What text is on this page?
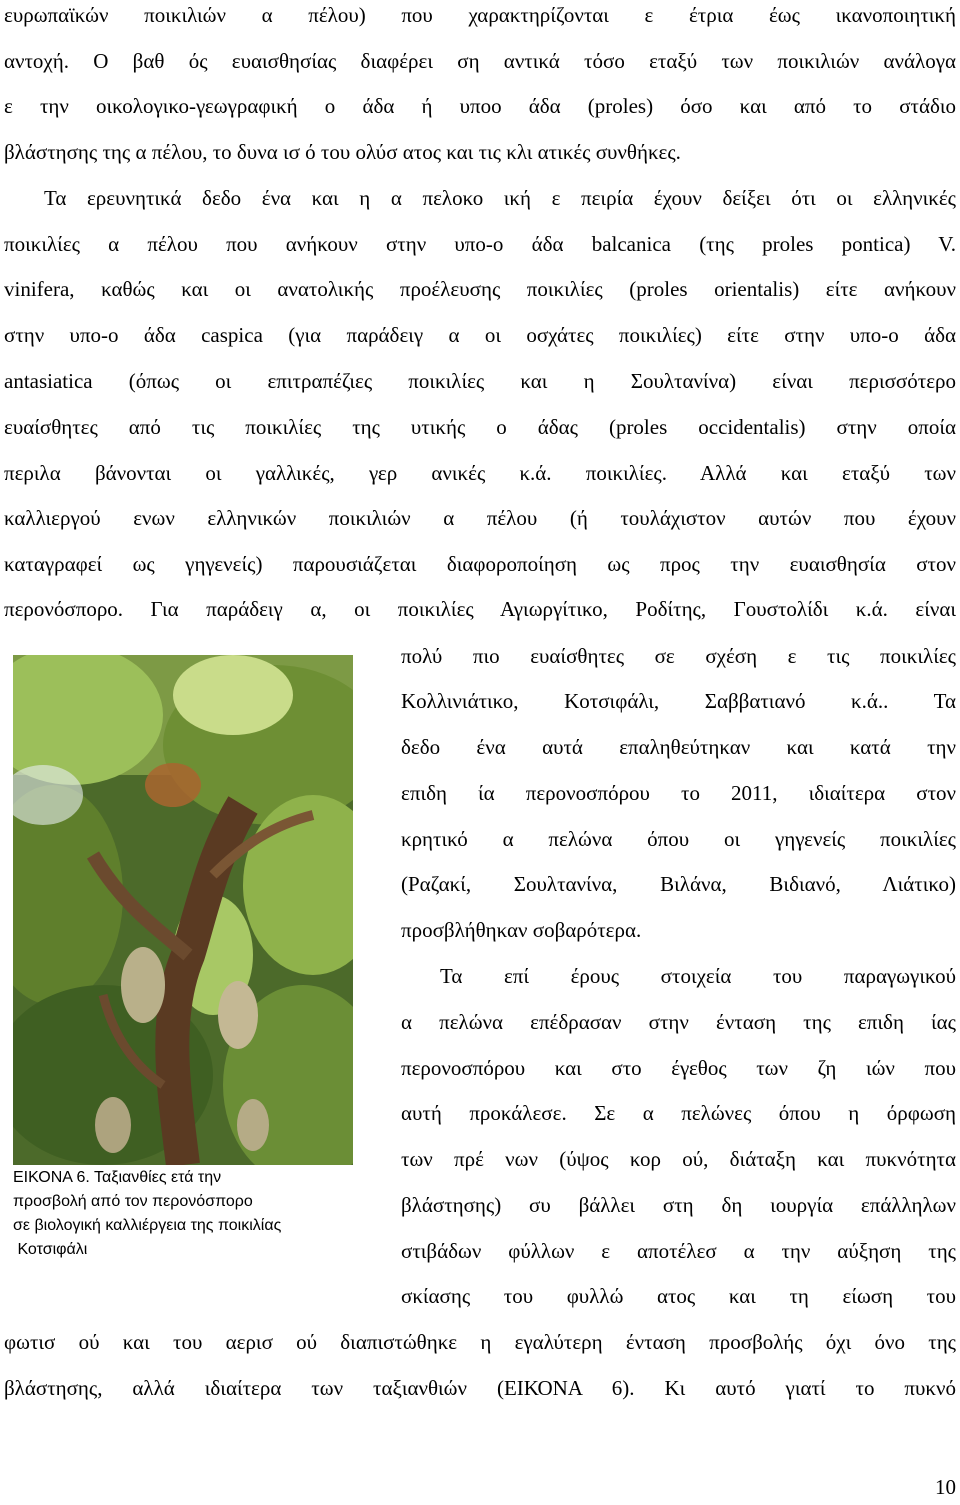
ευρωπαϊκών ποικιλιών α πέλου) που χαρακτηρίζονται ε έτρια έως ικανοποιητική
αντοχή. Ο βαθ ός ευαισθησίας διαφέρει ση αντικά τόσο εταξύ των ποικιλιών ανάλογα
ε την οικολογικο-γεωγραφική ο άδα ή υποο άδα (proles) όσο και από το στάδιο
βλάστησης της α πέλου, το δυνα ισ ό του ολύσ ατος και τις κλι ατικές συνθήκες.
Τα ερευνητικά δεδο ένα και η α πελοκο ική ε πειρία έχουν δείξει ότι οι ελληνικές
ποικιλίες α πέλου που ανήκουν στην υπο-ο άδα balcanica (της proles pontica) V.
vinifera, καθώς και οι ανατολικής προέλευσης ποικιλίες (proles orientalis) είτε ανήκουν
στην υπο-ο άδα caspica (για παράδειγ α οι οσχάτες ποικιλίες) είτε στην υπο-ο άδα
antasiatica (όπως οι επιτραπέζιες ποικιλίες και η Σουλτανίνα) είναι περισσότερο
ευαίσθητες από τις ποικιλίες της υτικής ο άδας (proles occidentalis) στην οποία
περιλα βάνονται οι γαλλικές, γερ ανικές κ.ά. ποικιλίες. Αλλά και εταξύ των
καλλιεργού ενων ελληνικών ποικιλιών α πέλου (ή τουλάχιστον αυτών που έχουν
καταγραφεί ως γηγενείς) παρουσιάζεται διαφοροποίηση ως προς την ευαισθησία στον
περονόσπορο. Για παράδειγ α, οι ποικιλίες Αγιωργίτικο, Ροδίτης, Γουστολίδι κ.ά. είναι
πολύ πιο ευαίσθητες σε σχέση ε τις ποικιλίες
Κολλινιάτικο, Κοτσιφάλι, Σαββατιανό κ.ά.. Τα
δεδο ένα αυτά επαληθεύτηκαν και κατά την
επιδη ία περονοσπόρου το 2011, ιδιαίτερα στον
κρητικό α πελώνα όπου οι γηγενείς ποικιλίες
(Ραζακί, Σουλτανίνα, Βιλάνα, Βιδιανό, Λιάτικο)
προσβλήθηκαν σοβαρότερα.
Τα επί έρους στοιχεία του παραγωγικού
α πελώνα επέδρασαν στην ένταση της επιδη ίας
περονοσπόρου και στο έγεθος των ζη ιών που
αυτή προκάλεσε. Σε α πελώνες όπου η όρφωση
των πρέ νων (ύψος κορ ού, διάταξη και πυκνότητα
βλάστησης) συ βάλλει στη δη ιουργία επάλληλων
στιβάδων φύλλων ε αποτέλεσ α την αύξηση της
σκίασης του φυλλώ ατος και τη είωση του
φωτισ ού και του αερισ ού διαπιστώθηκε η εγαλύτερη ένταση προσβολής όχι όνο της
βλάστησης, αλλά ιδιαίτερα των ταξιανθιών (ΕΙΚΟΝΑ 6). Κι αυτό γιατί το πυκνό
ΕΙΚΟΝΑ 6. Ταξιανθίες ετά την
προσβολή από τον περονόσπορο
σε βιολογική καλλιέργεια της ποικιλίας
Κοτσιφάλι
10
